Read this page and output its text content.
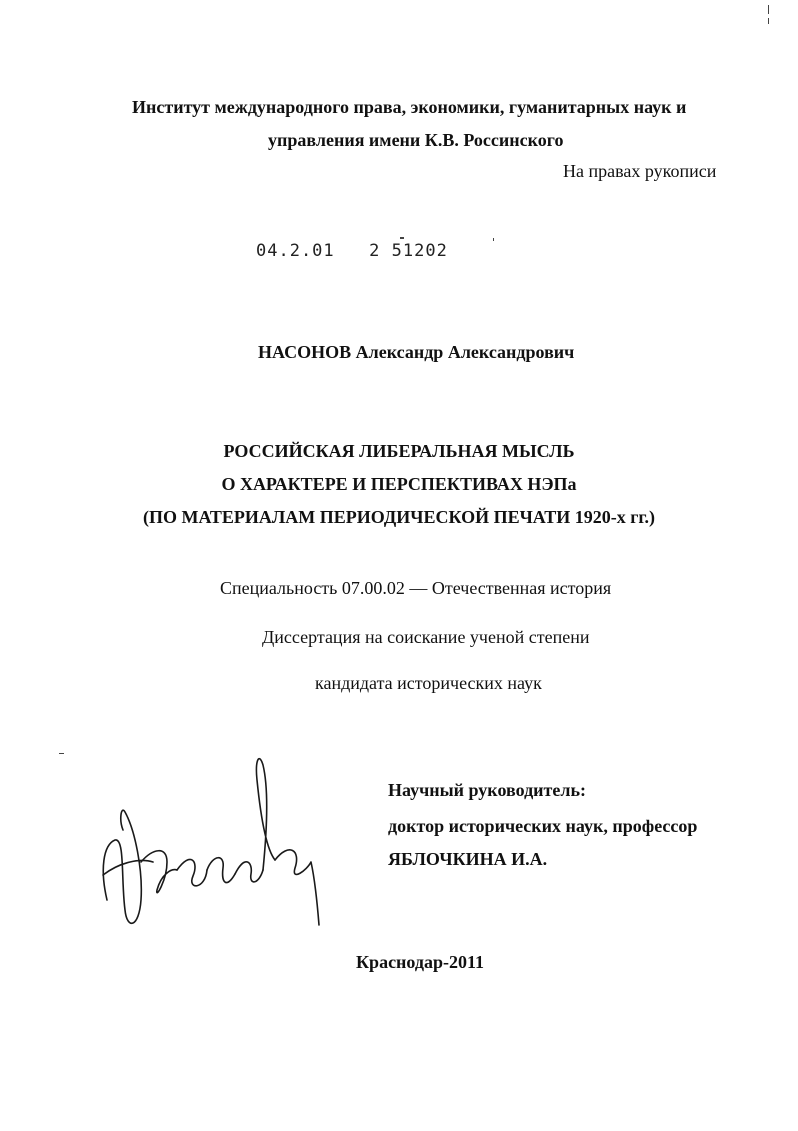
Институт международного права, экономики, гуманитарных наук и

управления имени К.В. Россинского

На правах рукописи

04.2.01 2 51202

НАСОНОВ Александр Александрович

РОССИЙСКАЯ ЛИБЕРАЛЬНАЯ МЫСЛЬ

О ХАРАКТЕРЕ И ПЕРСПЕКТИВАХ НЭПа

(ПО МАТЕРИАЛАМ ПЕРИОДИЧЕСКОЙ ПЕЧАТИ 1920-х гг.)

Специальность 07.00.02 — Отечественная история

Диссертация на соискание ученой степени

кандидата исторических наук

Научный руководитель:

доктор исторических наук, профессор

ЯБЛОЧКИНА И.А.

Краснодар-2011
